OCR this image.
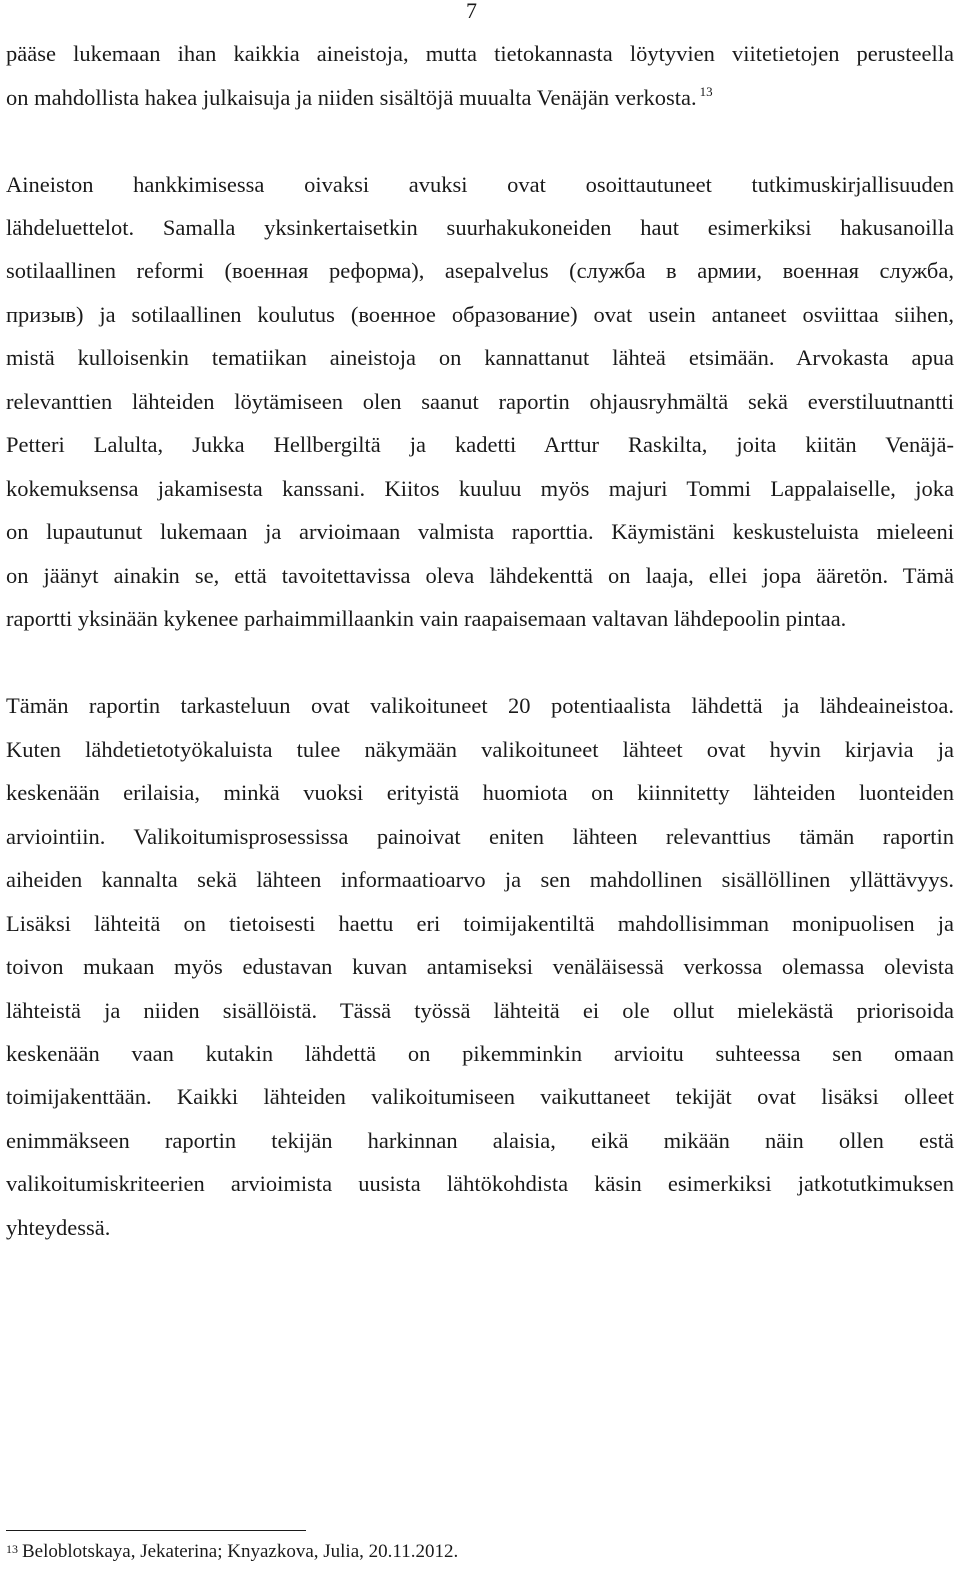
7
pääse lukemaan ihan kaikkia aineistoja, mutta tietokannasta löytyvien viitetietojen perusteella
on mahdollista hakea julkaisuja ja niiden sisältöjä muualta Venäjän verkosta. $^{13}$
Aineiston hankkimisessa oivaksi avuksi ovat osoittautuneet tutkimuskirjallisuuden
lähdeluettelot. Samalla yksinkertaisetkin suurhakukoneiden haut esimerkiksi hakusanoilla
sotilaallinen reformi (военная реформа), asepalvelus (служба в армии, военная служба,
призыв) ja sotilaallinen koulutus (военное образование) ovat usein antaneet osviittaa siihen,
mistä kulloisenkin tematiikan aineistoja on kannattanut lähteä etsimään. Arvokasta apua
relevanttien lähteiden löytämiseen olen saanut raportin ohjausryhmältä sekä everstiluutnantti
Petteri Lalulta, Jukka Hellbergiltä ja kadetti Arttur Raskilta, joita kiitän Venäjä-
kokemuksensa jakamisesta kanssani. Kiitos kuuluu myös majuri Tommi Lappalaiselle, joka
on lupautunut lukemaan ja arvioimaan valmista raporttia. Käymistäni keskusteluista mieleeni
on jäänyt ainakin se, että tavoitettavissa oleva lähdekenttä on laaja, ellei jopa ääretön. Tämä
raportti yksinään kykenee parhaimmillaankin vain raapaisemaan valtavan lähdepoolin pintaa.
Tämän raportin tarkasteluun ovat valikoituneet 20 potentiaalista lähdettä ja lähdeaineistoa.
Kuten lähdetietotyökaluista tulee näkymään valikoituneet lähteet ovat hyvin kirjavia ja
keskenään erilaisia, minkä vuoksi erityistä huomiota on kiinnitetty lähteiden luonteiden
arviointiin. Valikoitumisprosessissa painoivat eniten lähteen relevanttius tämän raportin
aiheiden kannalta sekä lähteen informaatioarvo ja sen mahdollinen sisällöllinen yllättävyys.
Lisäksi lähteitä on tietoisesti haettu eri toimijakentiltä mahdollisimman monipuolisen ja
toivon mukaan myös edustavan kuvan antamiseksi venäläisessä verkossa olemassa olevista
lähteistä ja niiden sisällöistä. Tässä työssä lähteitä ei ole ollut mielekästä priorisoida
keskenään vaan kutakin lähdettä on pikemminkin arvioitu suhteessa sen omaan
toimijakenttään. Kaikki lähteiden valikoitumiseen vaikuttaneet tekijät ovat lisäksi olleet
enimmäkseen raportin tekijän harkinnan alaisia, eikä mikään näin ollen estä
valikoitumiskriteerien arvioimista uusista lähtökohdista käsin esimerkiksi jatkotutkimuksen
yhteydessä.
$^{13}$ Beloblotskaya, Jekaterina; Knyazkova, Julia, 20.11.2012.
